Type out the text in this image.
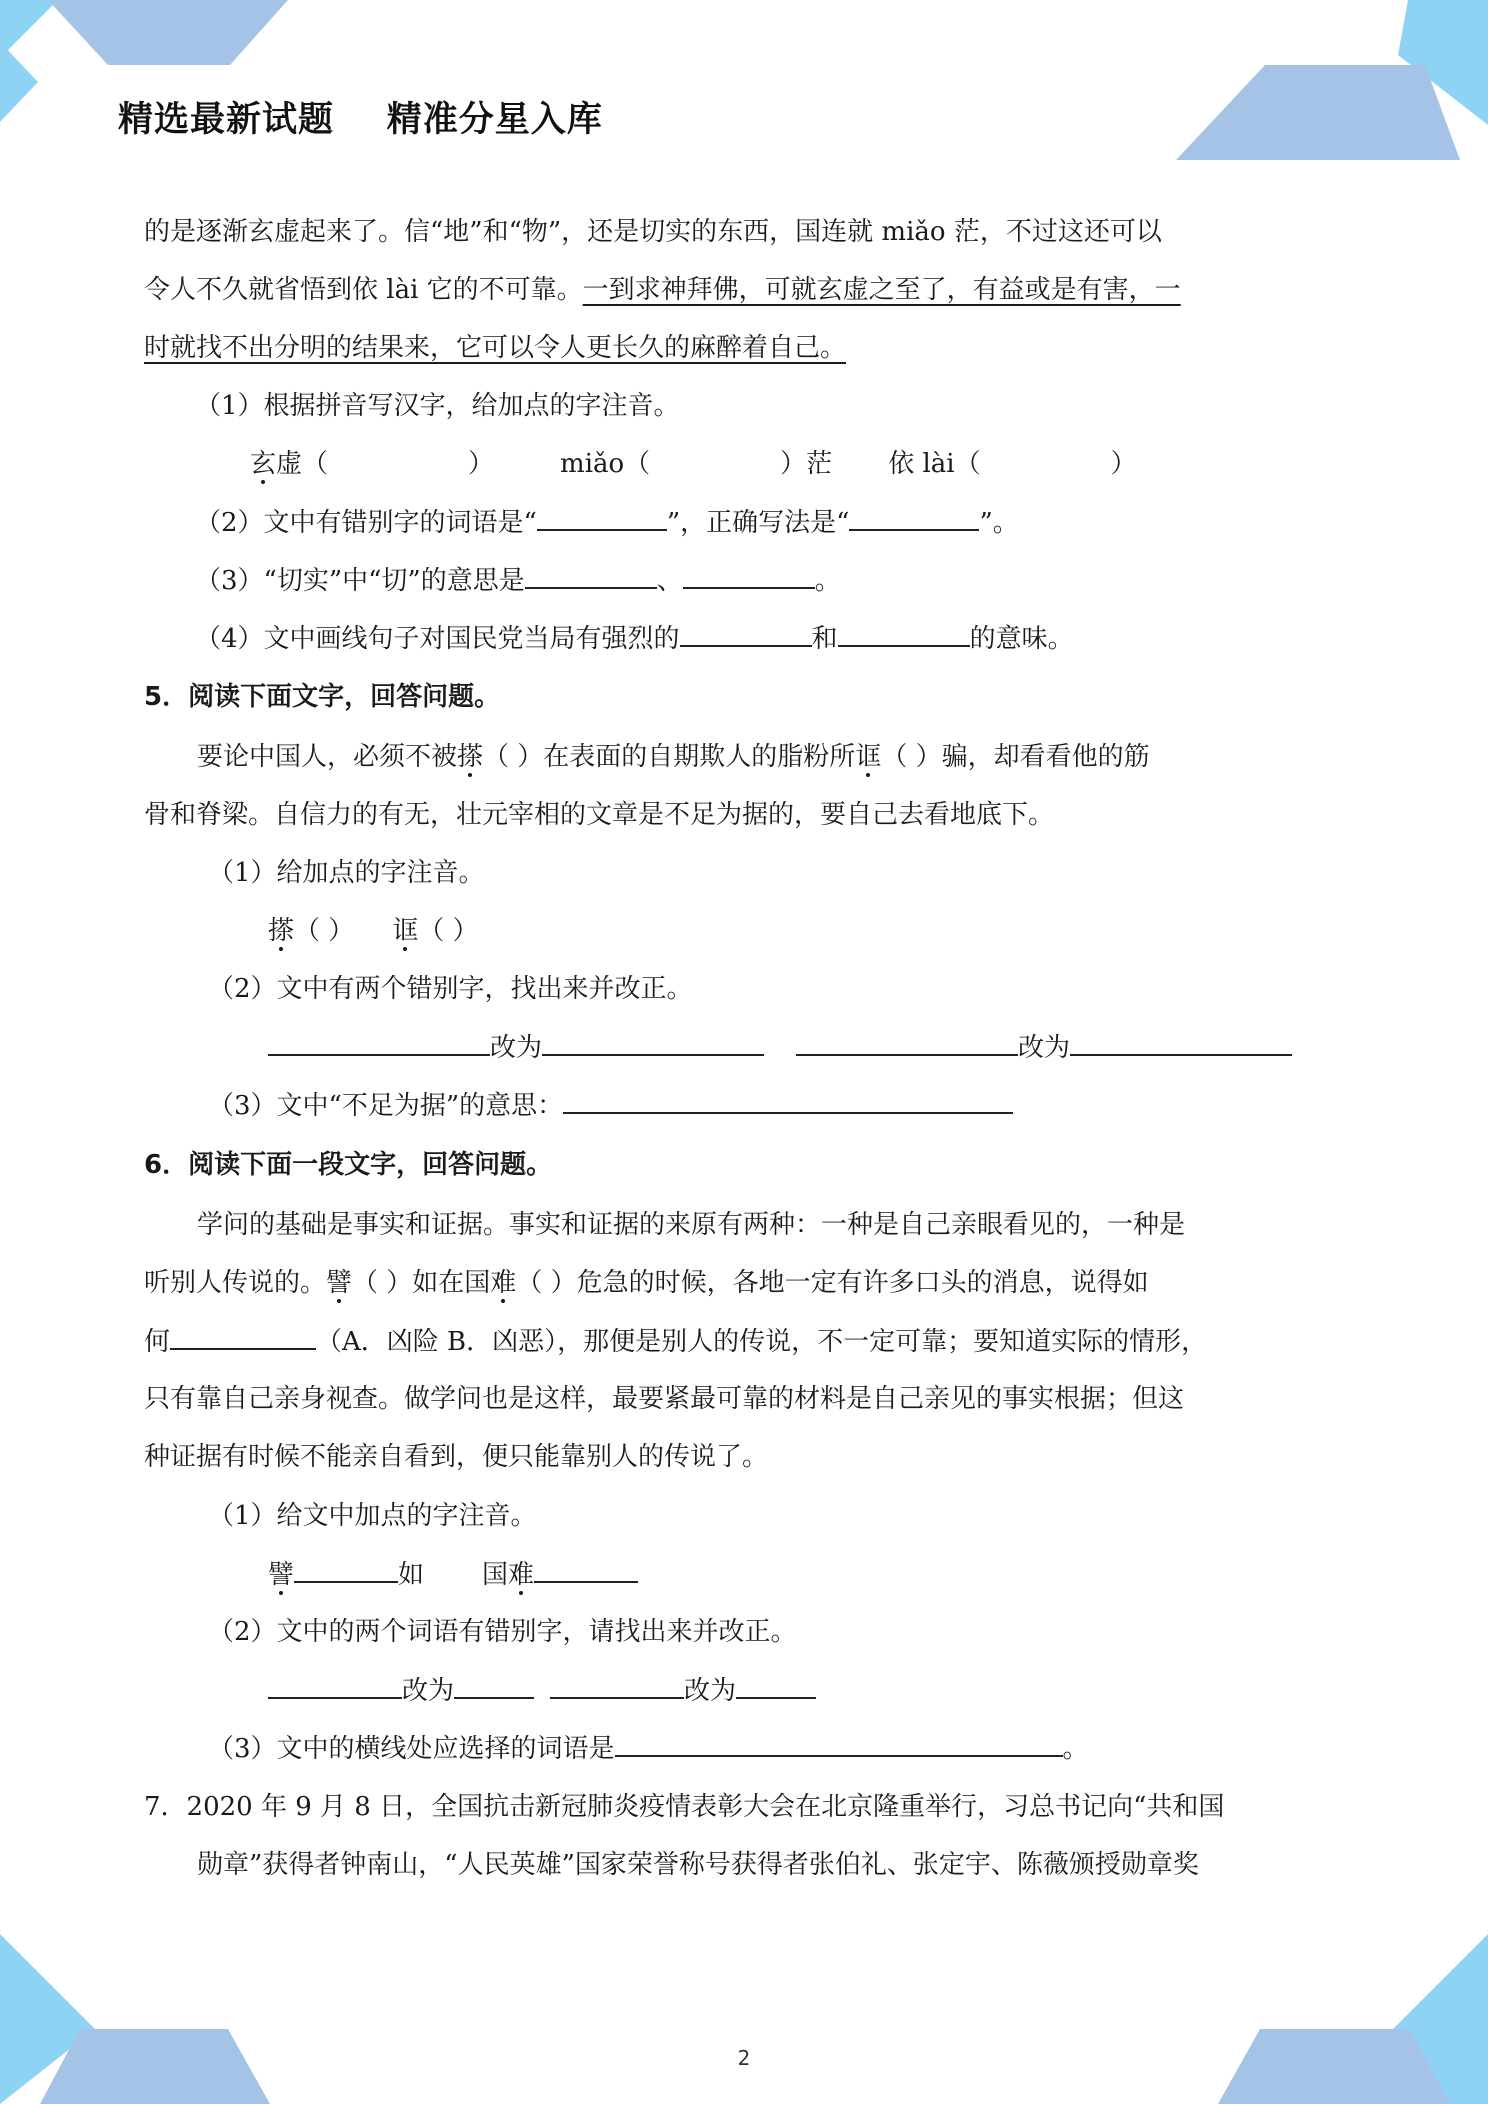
精选最新试题    精准分星入库
的是逐渐玄虚起来了。信“地”和“物”，还是切实的东西，国连就 miǎo 茫，不过这还可以
令人不久就省悟到依 lài 它的不可靠。一到求神拜佛，可就玄虚之至了，有益或是有害，一
时就找不出分明的结果来，它可以令人更长久的麻醉着自己。
（1）根据拼音写汉字，给加点的字注音。
玄虚（	）	miǎo（	）茫 依 lài（	）
（2）文中有错别字的词语是“	”，正确写法是“	”。
（3）“切实”中“切”的意思是	、	。
（4）文中画线句子对国民党当局有强烈的	和	的意味。
5．阅读下面文字，回答问题。
要论中国人，必须不被搽（ ）在表面的自期欺人的脂粉所诓（ ）骗，却看看他的筋
骨和脊梁。自信力的有无，壮元宰相的文章是不足为据的，要自己去看地底下。
（1）给加点的字注音。
搽（ ） 诓（ ）
（2）文中有两个错别字，找出来并改正。
改为	改为
（3）文中“不足为据”的意思：
6．阅读下面一段文字，回答问题。
学问的基础是事实和证据。事实和证据的来原有两种：一种是自己亲眼看见的，一种是
听别人传说的。譬（ ）如在国难（ ）危急的时候，各地一定有许多口头的消息，说得如
何	（A．凶险 B．凶恶），那便是别人的传说，不一定可靠；要知道实际的情形，
只有靠自己亲身视查。做学问也是这样，最要紧最可靠的材料是自己亲见的事实根据；但这
种证据有时候不能亲自看到，便只能靠别人的传说了。
（1）给文中加点的字注音。
譬	如 国难
（2）文中的两个词语有错别字，请找出来并改正。
改为	改为
（3）文中的横线处应选择的词语是	。
7．2020 年 9 月 8 日，全国抗击新冠肺炎疫情表彰大会在北京隆重举行，习总书记向“共和国
勋章”获得者钟南山，“人民英雄”国家荣誉称号获得者张伯礼、张定宇、陈薇颁授勋章奖
2
